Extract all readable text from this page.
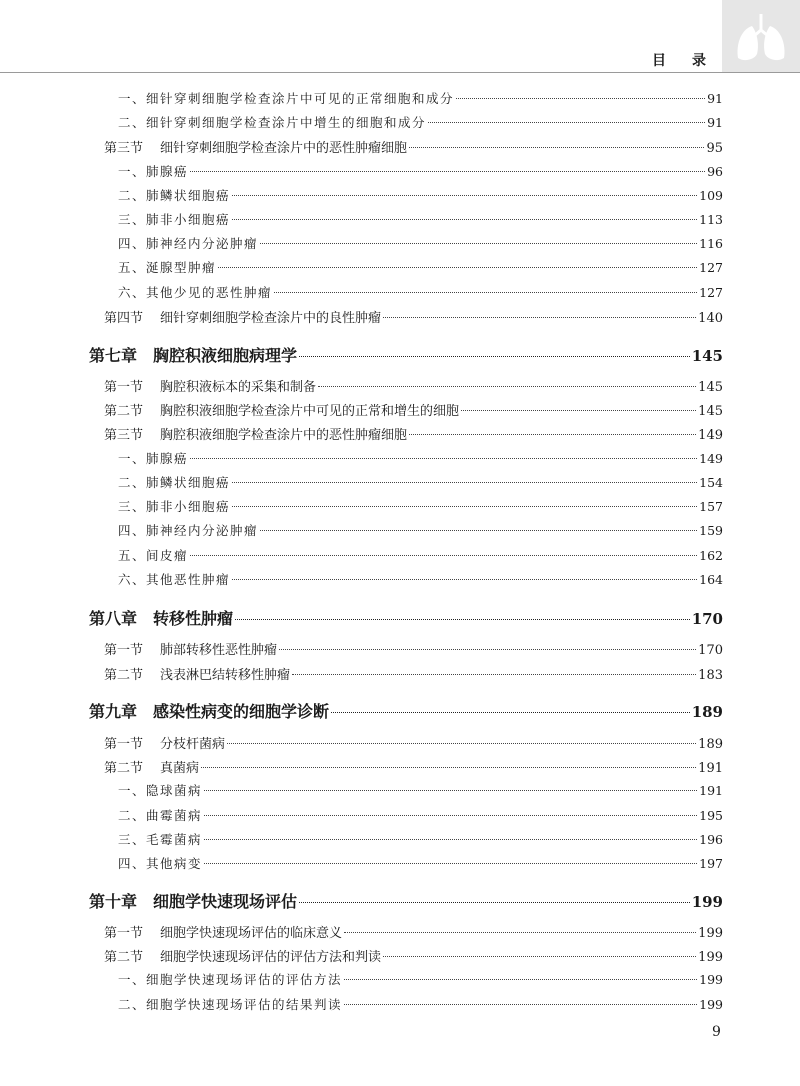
目 录
一、细针穿刺细胞学检查涂片中可见的正常细胞和成分	91
二、细针穿刺细胞学检查涂片中增生的细胞和成分	91
第三节 细针穿刺细胞学检查涂片中的恶性肿瘤细胞	95
一、肺腺癌	96
二、肺鳞状细胞癌	109
三、肺非小细胞癌	113
四、肺神经内分泌肿瘤	116
五、涎腺型肿瘤	127
六、其他少见的恶性肿瘤	127
第四节 细针穿刺细胞学检查涂片中的良性肿瘤	140
第七章 胸腔积液细胞病理学	145
第一节 胸腔积液标本的采集和制备	145
第二节 胸腔积液细胞学检查涂片中可见的正常和增生的细胞	145
第三节 胸腔积液细胞学检查涂片中的恶性肿瘤细胞	149
一、肺腺癌	149
二、肺鳞状细胞癌	154
三、肺非小细胞癌	157
四、肺神经内分泌肿瘤	159
五、间皮瘤	162
六、其他恶性肿瘤	164
第八章 转移性肿瘤	170
第一节 肺部转移性恶性肿瘤	170
第二节 浅表淋巴结转移性肿瘤	183
第九章 感染性病变的细胞学诊断	189
第一节 分枝杆菌病	189
第二节 真菌病	191
一、隐球菌病	191
二、曲霉菌病	195
三、毛霉菌病	196
四、其他病变	197
第十章 细胞学快速现场评估	199
第一节 细胞学快速现场评估的临床意义	199
第二节 细胞学快速现场评估的评估方法和判读	199
一、细胞学快速现场评估的评估方法	199
二、细胞学快速现场评估的结果判读	199
9
